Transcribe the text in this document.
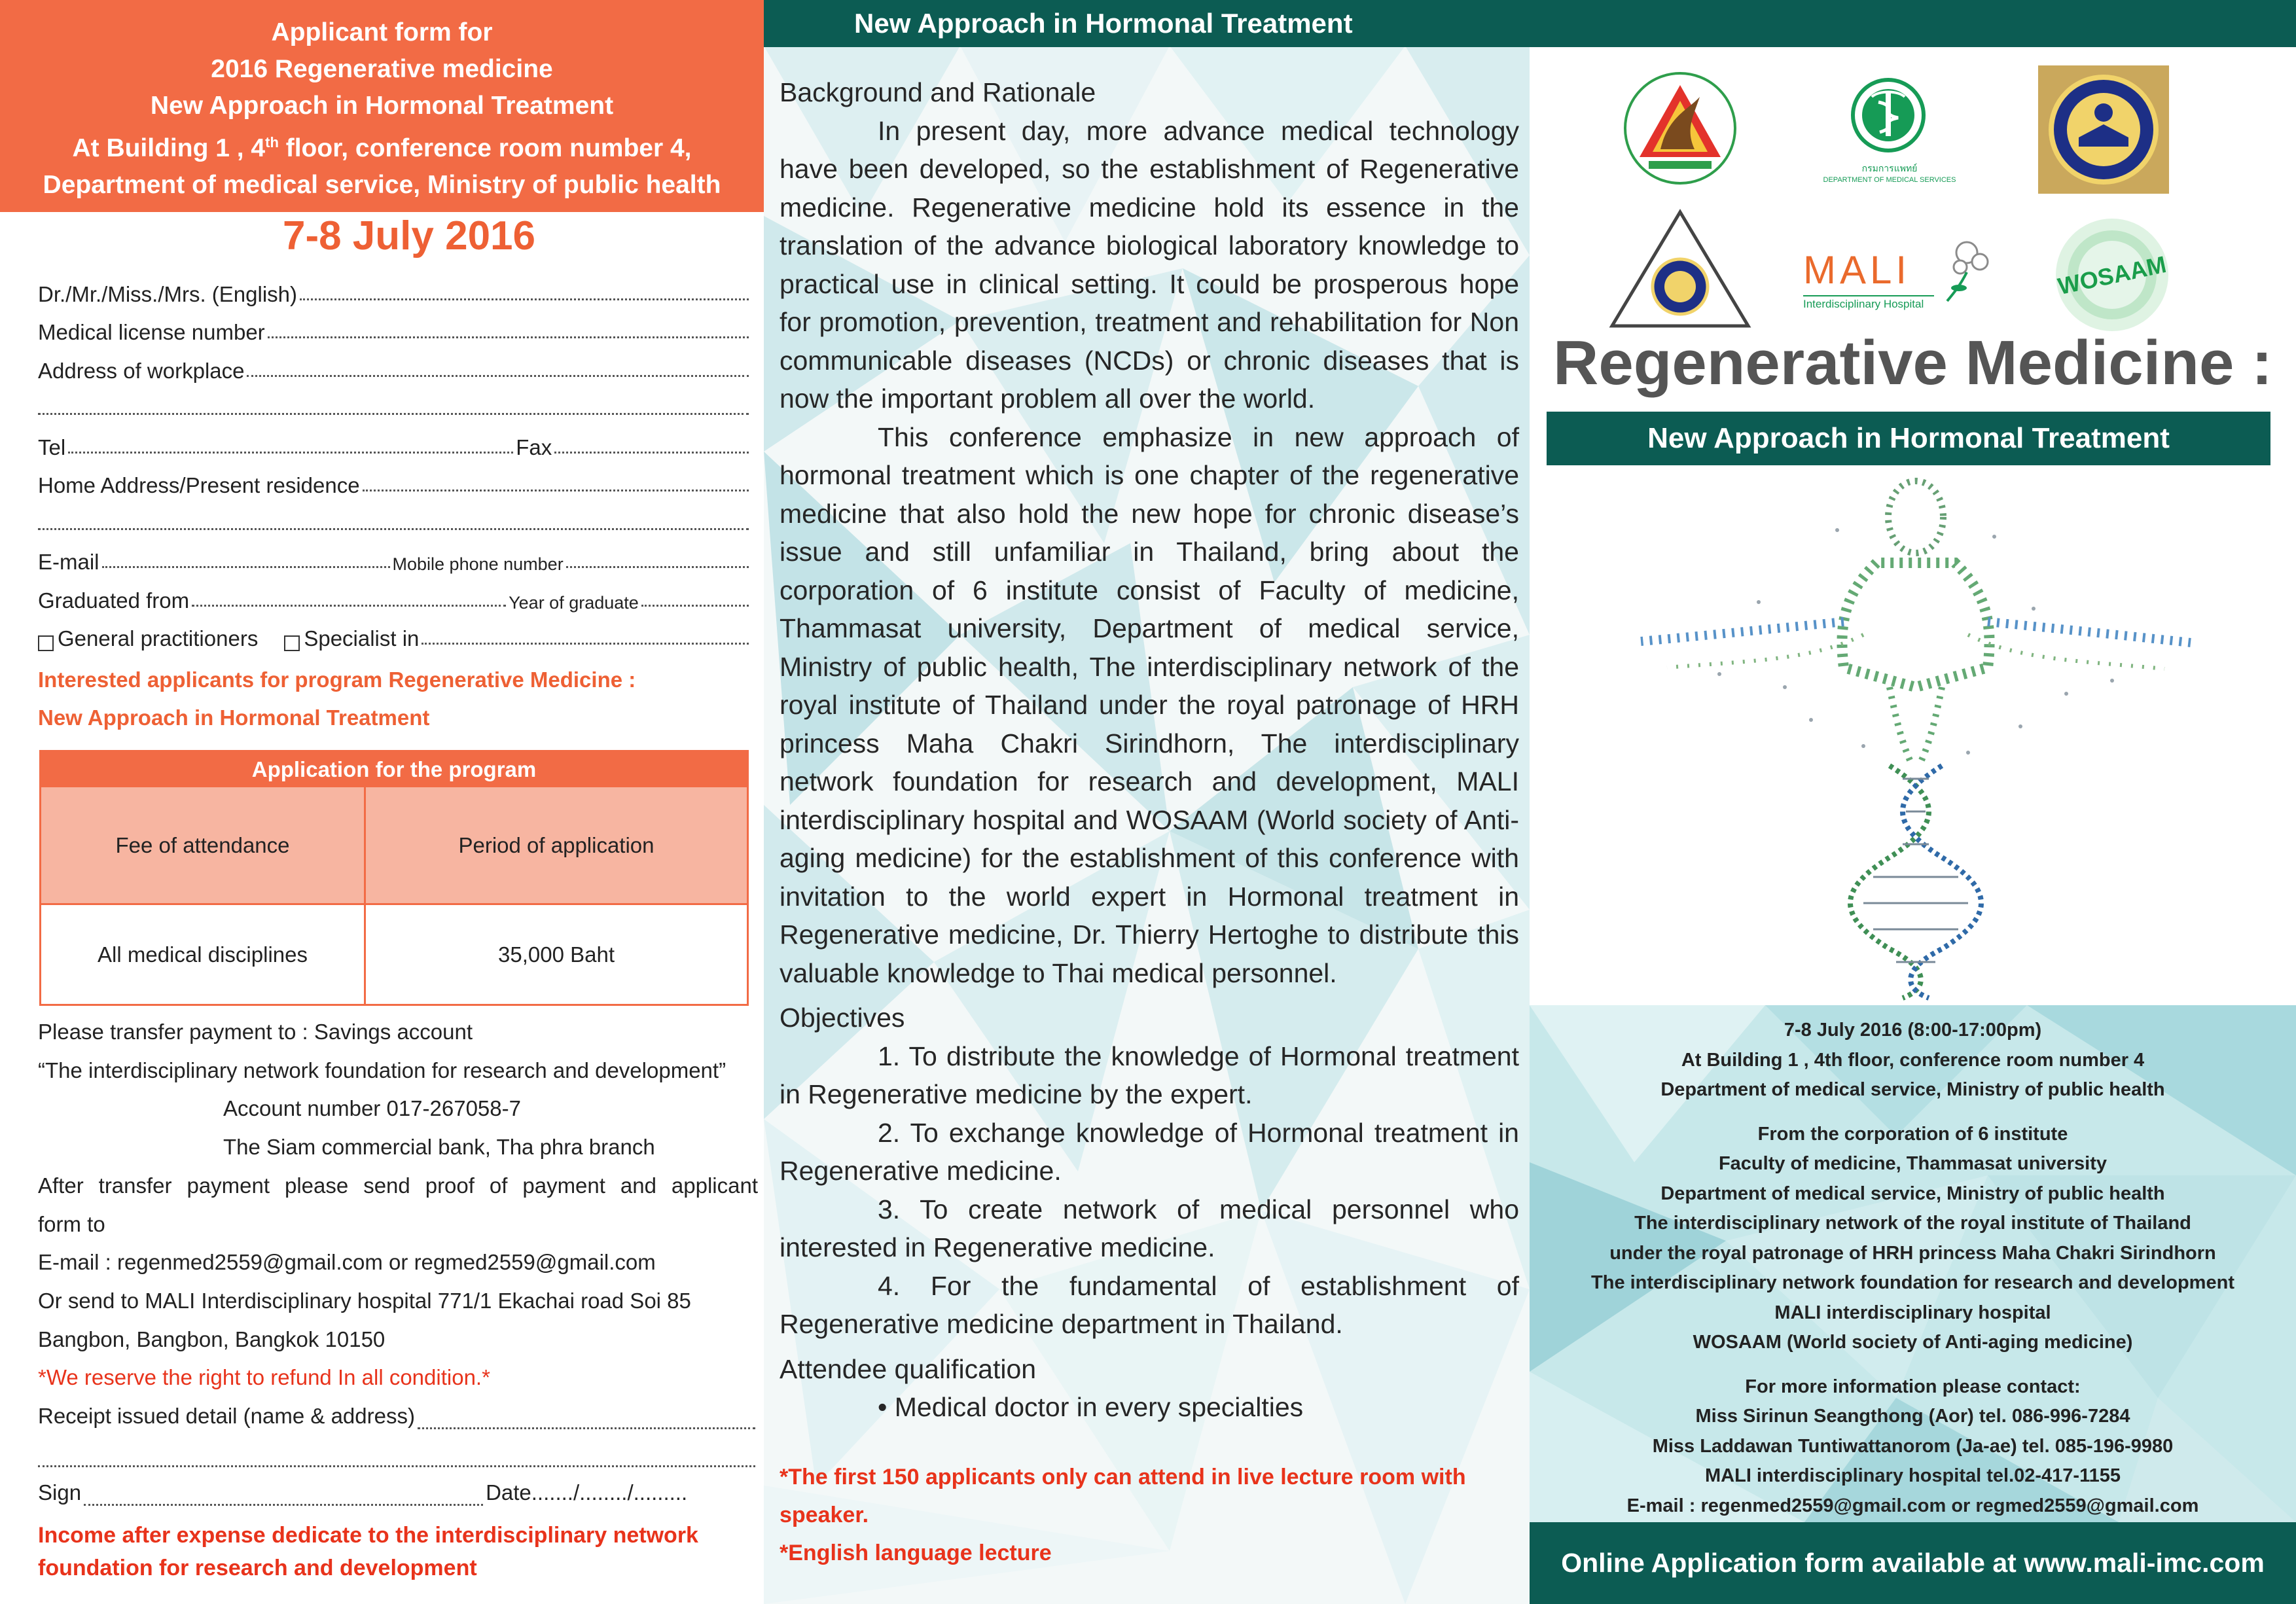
Applicant form for
2016 Regenerative medicine
New Approach in Hormonal Treatment
At Building 1 , 4th floor, conference room number 4,
Department of medical service, Ministry of public health
7-8 July 2016
Dr./Mr./Miss./Mrs. (English)
Medical license number
Address of workplace
Tel	Fax
Home Address/Present residence
E-mail	Mobile phone number
Graduated from	Year of graduate
General practitioners Specialist in
Interested applicants for program Regenerative Medicine :
New Approach in Hormonal Treatment
Application for the program
Fee of attendance	Period of application
All medical disciplines	35,000 Baht
Please transfer payment to : Savings account
“The interdisciplinary network foundation for research and development”
Account number 017-267058-7
The Siam commercial bank, Tha phra branch
After transfer payment please send proof of payment and applicant
form to
E-mail : regenmed2559@gmail.com or regmed2559@gmail.com
Or send to MALI Interdisciplinary hospital 771/1 Ekachai road Soi 85
Bangbon, Bangbon, Bangkok 10150
*We reserve the right to refund In all condition.*
Receipt issued detail (name & address)
Sign	Date......./......../.........
Income after expense dedicate to the interdisciplinary network foundation for research and development
New Approach in Hormonal Treatment
Background and Rationale

In present day, more advance medical technology have been developed, so the establishment of Regenerative medicine. Regenerative medicine hold its essence in the translation of the advance biological laboratory knowledge to practical use in clinical setting. It could be prosperous hope for promotion, prevention, treatment and rehabilitation for Non communicable diseases (NCDs) or chronic diseases that is now the important problem all over the world.

This conference emphasize in new approach of hormonal treatment which is one chapter of the regenerative medicine that also hold the new hope for chronic disease’s issue and still unfamiliar in Thailand, bring about the corporation of 6 institute consist of Faculty of medicine, Thammasat university, Department of medical service, Ministry of public health, The interdisciplinary network of the royal institute of Thailand under the royal patronage of HRH princess Maha Chakri Sirindhorn, The interdisciplinary network foundation for research and development, MALI interdisciplinary hospital and WOSAAM (World society of Anti-aging medicine) for the establishment of this conference with invitation to the world expert in Hormonal treatment in Regenerative medicine, Dr. Thierry Hertoghe to distribute this valuable knowledge to Thai medical personnel.

Objectives

1. To distribute the knowledge of Hormonal treatment in Regenerative medicine by the expert.

2. To exchange knowledge of Hormonal treatment in Regenerative medicine.

3. To create network of medical personnel who interested in Regenerative medicine.

4. For the fundamental of establishment of Regenerative medicine department in Thailand.

Attendee qualification

• Medical doctor in every specialties

*The first 150 applicants only can attend in live lecture room with speaker.
*English language lecture
กรมการแพทย์
DEPARTMENT OF MEDICAL SERVICES
MALI
Interdisciplinary Hospital
WOSAAM
Regenerative Medicine :
New Approach in Hormonal Treatment
7-8 July 2016 (8:00-17:00pm)
At Building 1 , 4th floor, conference room number 4
Department of medical service, Ministry of public health
From the corporation of 6 institute
Faculty of medicine, Thammasat university
Department of medical service, Ministry of public health
The interdisciplinary network of the royal institute of Thailand
under the royal patronage of HRH princess Maha Chakri Sirindhorn
The interdisciplinary network foundation for research and development
MALI interdisciplinary hospital
WOSAAM (World society of Anti-aging medicine)
For more information please contact:
Miss Sirinun Seangthong (Aor) tel. 086-996-7284
Miss Laddawan Tuntiwattanorom (Ja-ae) tel. 085-196-9980
MALI interdisciplinary hospital tel.02-417-1155
E-mail : regenmed2559@gmail.com or regmed2559@gmail.com
Online Application form available at www.mali-imc.com
